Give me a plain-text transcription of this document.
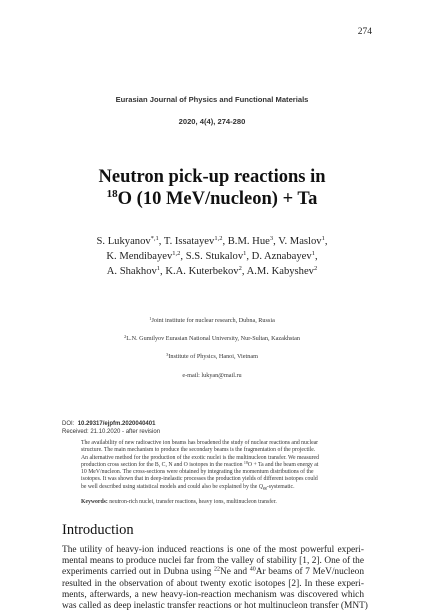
274
Eurasian Journal of Physics and Functional Materials
2020, 4(4), 274-280
Neutron pick-up reactions in
$^{18}$O (10 MeV/nucleon) + Ta
S. Lukyanov$^{*,1}$, T. Issatayev$^{1,2}$, B.M. Hue$^3$, V. Maslov$^1$,
K. Mendibayev$^{1,2}$, S.S. Stukalov$^1$, D. Aznabayev$^1$,
A. Shakhov$^1$, K.A. Kuterbekov$^2$, A.M. Kabyshev$^2$
$^1$Joint institute for nuclear research, Dubna, Russia
$^2$L.N. Gumilyov Eurasian National University, Nur-Sultan, Kazakhstan
$^3$Institute of Physics, Hanoi, Vietnam
e-mail: lukyan@mail.ru
DOI: 10.29317/ejpfm.2020040401
Received: 21.10.2020 - after revision
The availability of new radioactive ion beams has broadened the study of nuclear reactions and nuclear
structure. The main mechanism to produce the secondary beams is the fragmentation of the projectile.
An alternative method for the production of the exotic nuclei is the multinucleon transfer. We measured
production cross section for the B, C, N and O isotopes in the reaction $^{18}$O + Ta and the beam energy at
10 MeV/nucleon. The cross-sections were obtained by integrating the momentum distributions of the
isotopes. It was shown that in deep-inelastic processes the production yields of different isotopes could
be well described using statistical models and could also be explained by the $Q_{gg}$-systematic.
Keywords: neutron-rich nuclei, transfer reactions, heavy ions, multinucleon transfer.
Introduction
The utility of heavy-ion induced reactions is one of the most powerful experi-
mental means to produce nuclei far from the valley of stability [1, 2]. One of the
experiments carried out in Dubna using $^{22}$Ne and $^{40}$Ar beams of 7 MeV/nucleon
resulted in the observation of about twenty exotic isotopes [2]. In these experi-
ments, afterwards, a new heavy-ion-reaction mechanism was discovered which
was called as deep inelastic transfer reactions or hot multinucleon transfer (MNT)
